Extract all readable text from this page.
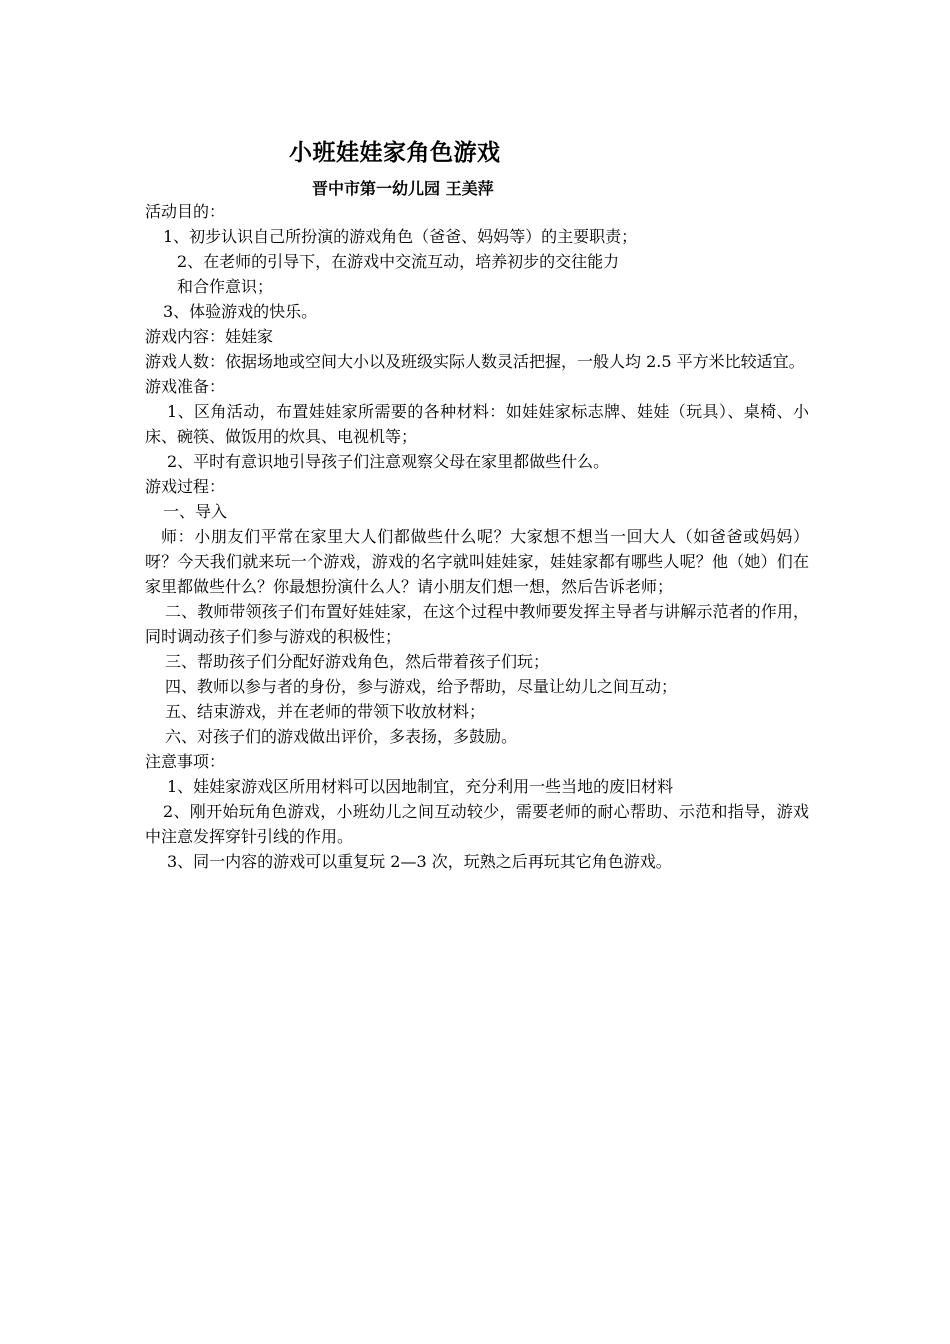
小班娃娃家角色游戏
晋中市第一幼儿园 王美萍
活动目的：
1、初步认识自己所扮演的游戏角色（爸爸、妈妈等）的主要职责；
2、在老师的引导下，在游戏中交流互动，培养初步的交往能力
和合作意识；
3、体验游戏的快乐。
游戏内容：娃娃家
游戏人数：依据场地或空间大小以及班级实际人数灵活把握，一般人均 2.5 平方米比较适宜。
游戏准备：
1、区角活动，布置娃娃家所需要的各种材料：如娃娃家标志牌、娃娃（玩具）、桌椅、小床、碗筷、做饭用的炊具、电视机等；
2、平时有意识地引导孩子们注意观察父母在家里都做些什么。
游戏过程：
一、导入
师：小朋友们平常在家里大人们都做些什么呢？大家想不想当一回大人（如爸爸或妈妈）呀？今天我们就来玩一个游戏，游戏的名字就叫娃娃家，娃娃家都有哪些人呢？他（她）们在家里都做些什么？你最想扮演什么人？请小朋友们想一想，然后告诉老师；
二、教师带领孩子们布置好娃娃家，在这个过程中教师要发挥主导者与讲解示范者的作用，同时调动孩子们参与游戏的积极性；
三、帮助孩子们分配好游戏角色，然后带着孩子们玩；
四、教师以参与者的身份，参与游戏，给予帮助，尽量让幼儿之间互动；
五、结束游戏，并在老师的带领下收放材料；
六、对孩子们的游戏做出评价，多表扬，多鼓励。
注意事项：
1、娃娃家游戏区所用材料可以因地制宜，充分利用一些当地的废旧材料
2、刚开始玩角色游戏，小班幼儿之间互动较少，需要老师的耐心帮助、示范和指导，游戏中注意发挥穿针引线的作用。
3、同一内容的游戏可以重复玩 2—3 次，玩熟之后再玩其它角色游戏。
